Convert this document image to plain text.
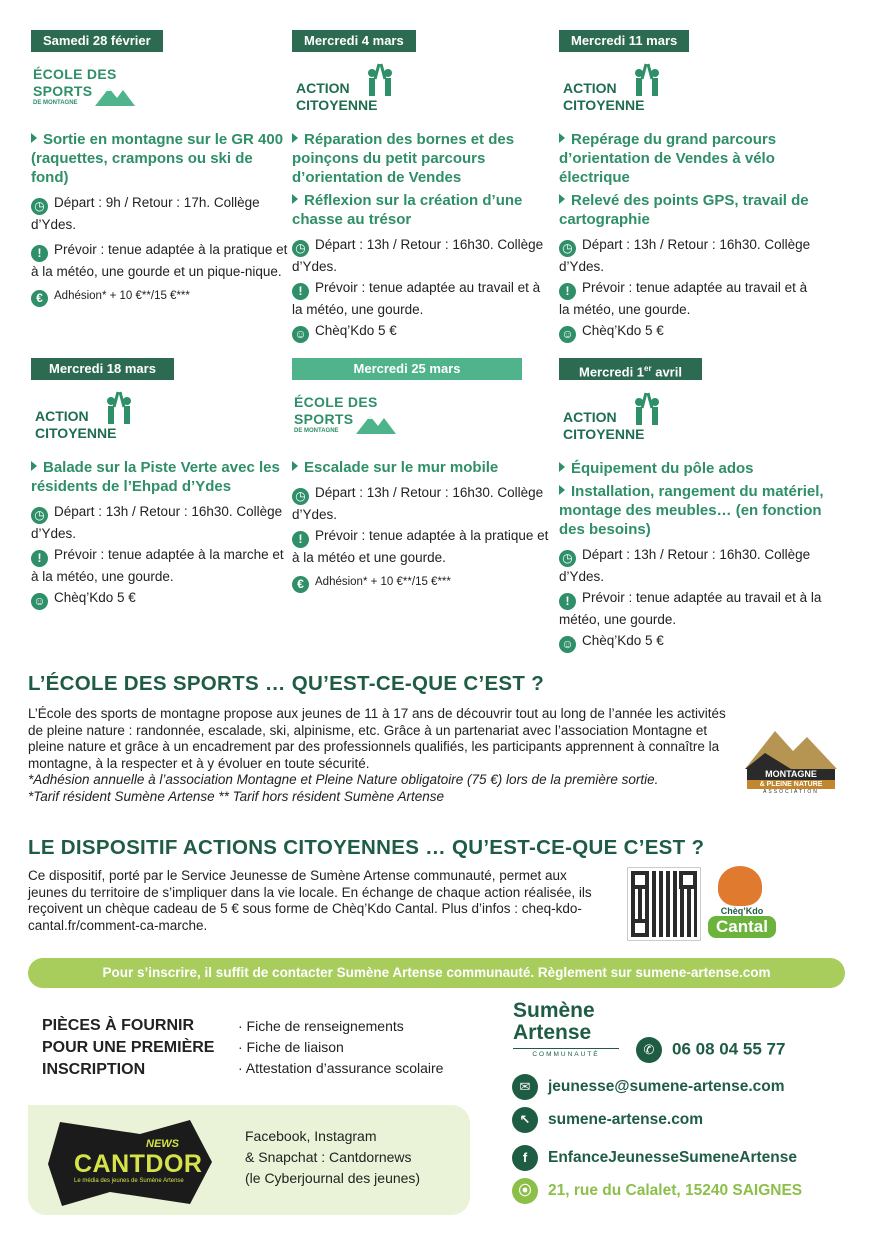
Samedi 28 février
ÉCOLE DES
SPORTS
DE MONTAGNE
Sortie en montagne sur le GR 400 (raquettes, crampons ou ski de fond)
◷ Départ : 9h / Retour : 17h. Collège d’Ydes.
! Prévoir : tenue adaptée à la pratique et à la météo, une gourde et un pique-nique.
€ Adhésion* + 10 €**/15 €***
Mercredi 4 mars
ACTION
CITOYENNE
Réparation des bornes et des poinçons du petit parcours d’orientation de Vendes
Réflexion sur la création d’une chasse au trésor
◷ Départ : 13h / Retour : 16h30. Collège d’Ydes.
! Prévoir : tenue adaptée au travail et à la météo, une gourde.
☺ Chèq’Kdo 5 €
Mercredi 11 mars
ACTION
CITOYENNE
Repérage du grand parcours d’orientation de Vendes à vélo électrique
Relevé des points GPS, travail de cartographie
◷ Départ : 13h / Retour : 16h30. Collège d’Ydes.
! Prévoir : tenue adaptée au travail et à la météo, une gourde.
☺ Chèq’Kdo 5 €
Mercredi 18 mars
ACTION
CITOYENNE
Balade sur la Piste Verte avec les résidents de l’Ehpad d’Ydes
◷ Départ : 13h / Retour : 16h30. Collège d’Ydes.
! Prévoir : tenue adaptée à la marche et à la météo, une gourde.
☺ Chèq’Kdo 5 €
Mercredi 25 mars
ÉCOLE DES
SPORTS
DE MONTAGNE
Escalade sur le mur mobile
◷ Départ : 13h / Retour : 16h30. Collège d’Ydes.
! Prévoir : tenue adaptée à la pratique et à la météo et une gourde.
€ Adhésion* + 10 €**/15 €***
Mercredi 1er avril
ACTION
CITOYENNE
Équipement du pôle ados
Installation, rangement du matériel, montage des meubles… (en fonction des besoins)
◷ Départ : 13h / Retour : 16h30. Collège d’Ydes.
! Prévoir : tenue adaptée au travail et à la météo, une gourde.
☺ Chèq’Kdo 5 €
L’ÉCOLE DES SPORTS … QU’EST-CE-QUE C’EST ?
L’École des sports de montagne propose aux jeunes de 11 à 17 ans de découvrir tout au long de l’année les activités de pleine nature : randonnée, escalade, ski, alpinisme, etc. Grâce à un partenariat avec l’association Montagne et pleine nature et grâce à un encadrement par des professionnels qualifiés, les participants apprennent à connaître la montagne, à la respecter et à y évoluer en toute sécurité.
*Adhésion annuelle à l’association Montagne et Pleine Nature obligatoire (75 €) lors de la première sortie.
*Tarif résident Sumène Artense ** Tarif hors résident Sumène Artense
MONTAGNE
& PLEINE NATURE
ASSOCIATION
LE DISPOSITIF ACTIONS CITOYENNES … QU’EST-CE-QUE C’EST ?
Ce dispositif, porté par le Service Jeunesse de Sumène Artense communauté, permet aux jeunes du territoire de s’impliquer dans la vie locale. En échange de chaque action réalisée, ils reçoivent un chèque cadeau de 5 € sous forme de Chèq’Kdo Cantal. Plus d’infos : cheq-kdo-cantal.fr/comment-ca-marche.
Chèq’Kdo
Cantal
Pour s’inscrire, il suffit de contacter Sumène Artense communauté. Règlement sur sumene-artense.com
PIÈCES À FOURNIR
POUR UNE PREMIÈRE
INSCRIPTION
· Fiche de renseignements
· Fiche de liaison
· Attestation d’assurance scolaire
NEWS
CANTDOR
Le média des jeunes de Sumène Artense
Facebook, Instagram
& Snapchat : Cantdornews
(le Cyberjournal des jeunes)
Sumène
Artense
COMMUNAUTÉ	✆ 06 08 04 55 77
✉ jeunesse@sumene-artense.com
↖ sumene-artense.com
f EnfanceJeunesseSumeneArtense
⦿ 21, rue du Calalet, 15240 SAIGNES
